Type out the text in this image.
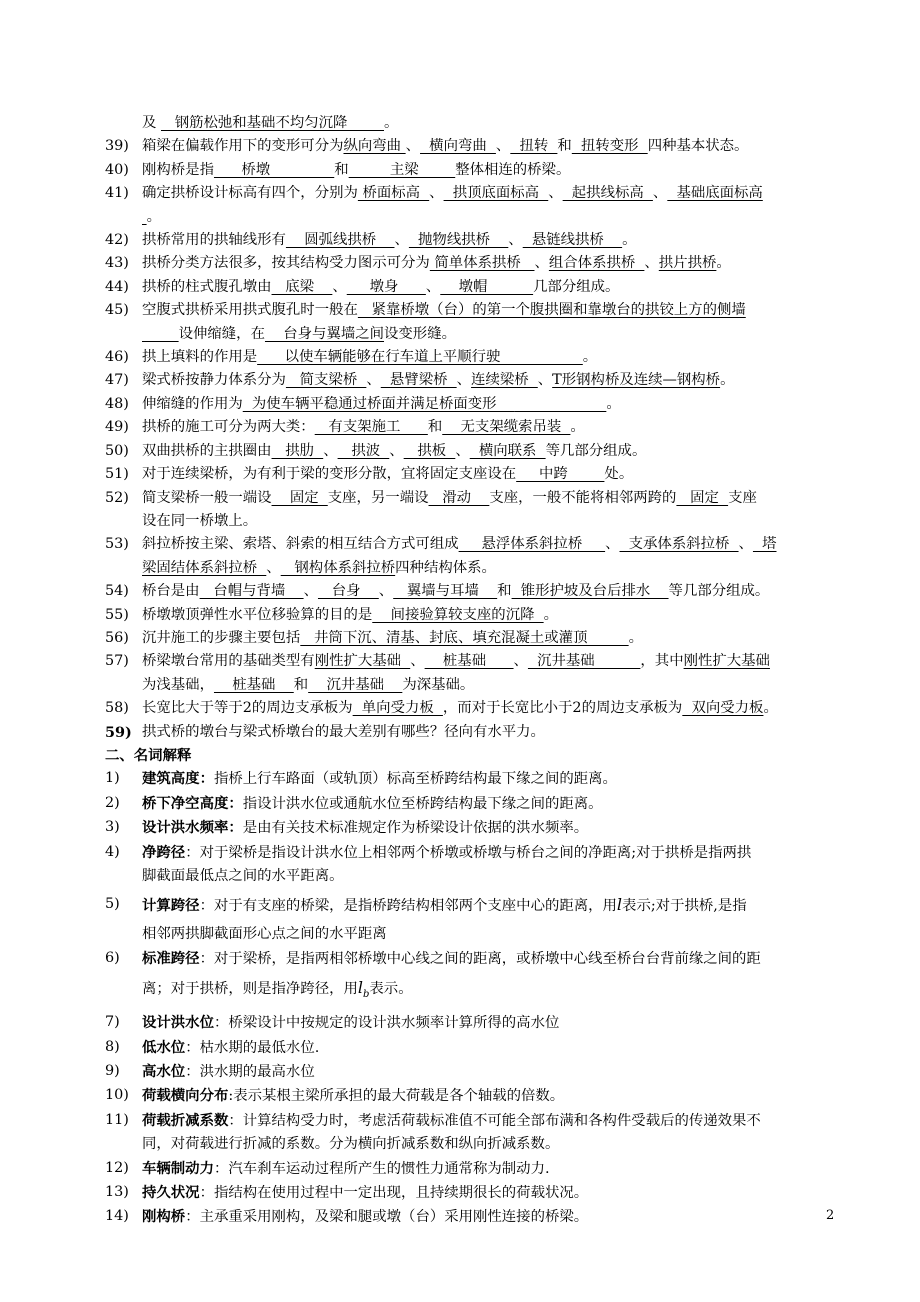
及    钢筋松弛和基础不均匀沉降        。

39) 箱梁在偏载作用下的变形可分为纵向弯曲 、  横向弯曲  、  扭转  和  扭转变形  四种基本状态。

40) 刚构桥是指      桥墩              和         主梁        整体相连的桥梁。

41) 确定拱桥设计标高有四个，分别为 桥面标高  、  拱顶底面标高  、  起拱线标高  、  基础底面标高

。

42) 拱桥常用的拱轴线形有    圆弧线拱桥    、  抛物线拱桥    、  悬链线拱桥    。

43) 拱桥分类方法很多，按其结构受力图示可分为 简单体系拱桥   、组合体系拱桥  、拱片拱桥。

44) 拱桥的柱式腹孔墩由   底梁    、     墩身      、    墩帽          几部分组成。

45) 空腹式拱桥采用拱式腹孔时一般在   紧靠桥墩（台）的第一个腹拱圈和靠墩台的拱铰上方的侧墙

设伸缩缝，在    台身与翼墙之间设变形缝。

46) 拱上填料的作用是      以使车辆能够在行车道上平顺行驶                  。

47) 梁式桥按静力体系分为   简支梁桥  、  悬臂梁桥  、连续梁桥  、T形钢构桥及连续—钢构桥。

48) 伸缩缝的作用为  为使车辆平稳通过桥面并满足桥面变形	。

49) 拱桥的施工可分为两大类：   有支架施工      和    无支架缆索吊装  。

50) 双曲拱桥的主拱圈由   拱肋  、   拱波  、   拱板  、  横向联系  等几部分组成。

51) 对于连续梁桥，为有利于梁的变形分散，宜将固定支座设在     中跨        处。

52) 简支梁桥一般一端设    固定  支座，另一端设   滑动    支座，一般不能将相邻两跨的   固定  支座

设在同一桥墩上。

53) 斜拉桥按主梁、索塔、斜索的相互结合方式可组成     悬浮体系斜拉桥     、  支承体系斜拉桥  、  塔

梁固结体系斜拉桥  、   钢构体系斜拉桥四种结构体系。

54) 桥台是由   台帽与背墙    、   台身    、   翼墙与耳墙    和  锥形护坡及台后排水    等几部分组成。

55) 桥墩墩顶弹性水平位移验算的目的是    间接验算较支座的沉降  。

56) 沉井施工的步骤主要包括   井筒下沉、清基、封底、填充混凝土或灌顶         。

57) 桥梁墩台常用的基础类型有刚性扩大基础  、    桩基础      、  沉井基础          ，其中刚性扩大基础

为浅基础，    桩基础    和    沉井基础    为深基础。

58) 长宽比大于等于2的周边支承板为  单向受力板  ，而对于长宽比小于2的周边支承板为  双向受力板。

59) 拱式桥的墩台与梁式桥墩台的最大差别有哪些？径向有水平力。

二、名词解释

1)	建筑高度：指桥上行车路面（或轨顶）标高至桥跨结构最下缘之间的距离。

2)	桥下净空高度：指设计洪水位或通航水位至桥跨结构最下缘之间的距离。

3)	设计洪水频率：是由有关技术标准规定作为桥梁设计依据的洪水频率。

4)	净跨径：对于梁桥是指设计洪水位上相邻两个桥墩或桥墩与桥台之间的净距离;对于拱桥是指两拱

脚截面最低点之间的水平距离。

5)	计算跨径：对于有支座的桥梁，是指桥跨结构相邻两个支座中心的距离，用l表示;对于拱桥,是指

相邻两拱脚截面形心点之间的水平距离

6)	标准跨径：对于梁桥，是指两相邻桥墩中心线之间的距离，或桥墩中心线至桥台台背前缘之间的距

离；对于拱桥，则是指净跨径，用$l_b$表示。

7)	设计洪水位：桥梁设计中按规定的设计洪水频率计算所得的高水位

8)	低水位：枯水期的最低水位.

9)	高水位：洪水期的最高水位

10) 荷载横向分布:表示某根主梁所承担的最大荷载是各个轴载的倍数。

11) 荷载折减系数：计算结构受力时，考虑活荷载标准值不可能全部布满和各构件受载后的传递效果不

同，对荷载进行折减的系数。分为横向折减系数和纵向折减系数。

12) 车辆制动力：汽车刹车运动过程所产生的惯性力通常称为制动力.

13) 持久状况：指结构在使用过程中一定出现，且持续期很长的荷载状况。

14) 刚构桥：主承重采用刚构，及梁和腿或墩（台）采用刚性连接的桥梁。	2
